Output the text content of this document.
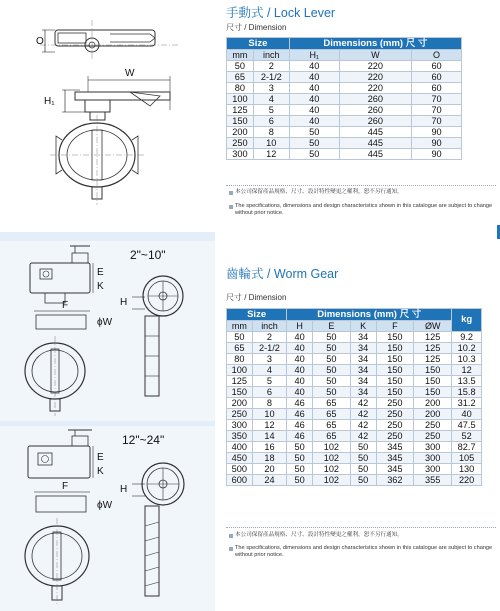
O
W
H₁
2"~10"
E
K
F
ϕW
H
12"~24"
E
K
F
ϕW
H
手動式 / Lock Lever
尺寸 / Dimension
Size		Dimensions (mm) 尺 寸		
mm	inch	H₁	W	O
50	2	40	220	60
65	2-1/2	40	220	60
80	3	40	220	60
100	4	40	260	70
125	5	40	260	70
150	6	40	260	70
200	8	50	445	90
250	10	50	445	90
300	12	50	445	90
本公司保留產品規格、尺寸、設計特性變更之權利，恕不另行通知。
The specifications, dimensions and design characteristics shown in this catalogue are subject to change without prior notice.
齒輪式 / Worm Gear
尺寸 / Dimension
Size		Dimensions (mm) 尺 寸					kg
mm	inch	H	E	K	F	ØW	
50	2	40	50	34	150	125	9.2
65	2-1/2	40	50	34	150	125	10.2
80	3	40	50	34	150	125	10.3
100	4	40	50	34	150	150	12
125	5	40	50	34	150	150	13.5
150	6	40	50	34	150	150	15.8
200	8	46	65	42	250	200	31.2
250	10	46	65	42	250	200	40
300	12	46	65	42	250	250	47.5
350	14	46	65	42	250	250	52
400	16	50	102	50	345	300	82.7
450	18	50	102	50	345	300	105
500	20	50	102	50	345	300	130
600	24	50	102	50	362	355	220
本公司保留產品規格、尺寸、設計特性變更之權利，恕不另行通知。
The specifications, dimensions and design characteristics shown in this catalogue are subject to change without prior notice.
